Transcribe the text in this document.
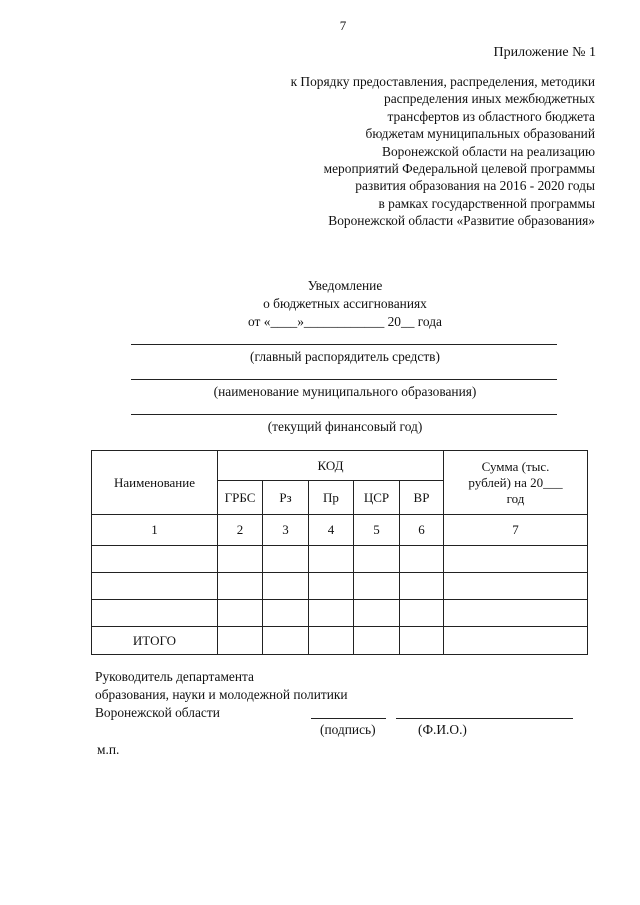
7
Приложение № 1
к Порядку предоставления, распределения, методики
распределения иных межбюджетных
трансфертов из областного бюджета
бюджетам муниципальных образований
Воронежской области на реализацию
мероприятий Федеральной целевой программы
развития образования на 2016 - 2020 годы
в рамках государственной программы
Воронежской области «Развитие образования»
Уведомление
о бюджетных ассигнованиях
от «____»____________ 20__ года
(главный распорядитель средств)
(наименование муниципального образования)
(текущий финансовый год)
Наименование	КОД					Сумма (тыс.
рублей) на 20___
год

	ГРБС	Рз	Пр	ЦСР	ВР	
1	2	3	4	5	6	7

ИТОГО						
Руководитель департамента
образования, науки и молодежной политики
Воронежской области
(подпись)	(Ф.И.О.)
м.п.
